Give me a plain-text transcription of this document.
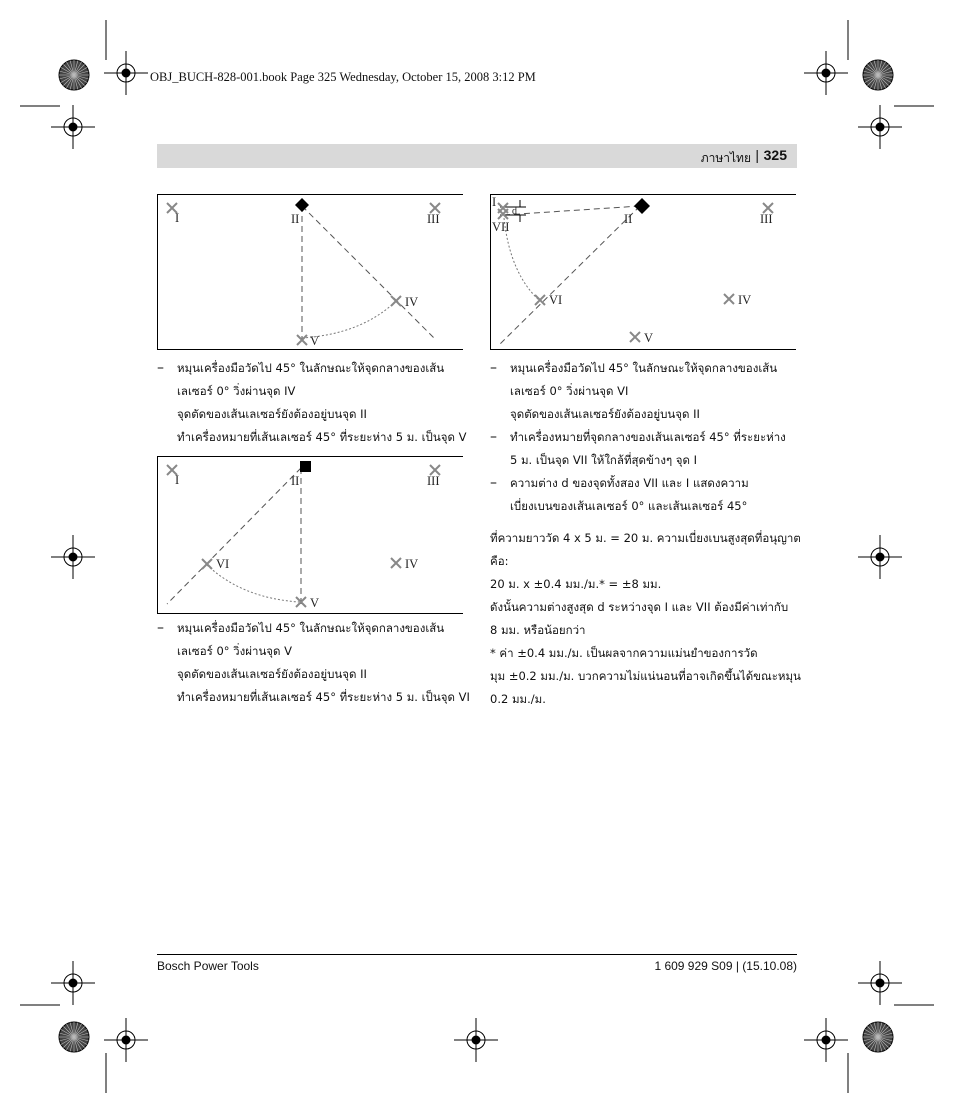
OBJ_BUCH-828-001.book Page 325 Wednesday, October 15, 2008 3:12 PM
ภาษาไทย | 325
I	II	III
IV
V
– หมุนเครื่องมือวัดไป 45° ในลักษณะให้จุดกลางของเส้น
เลเซอร์ 0° วิ่งผ่านจุด IV
จุดตัดของเส้นเลเซอร์ยังต้องอยู่บนจุด II
ทำเครื่องหมายที่เส้นเลเซอร์ 45° ที่ระยะห่าง 5 ม. เป็นจุด V
I	II	III
IV
V
VI
– หมุนเครื่องมือวัดไป 45° ในลักษณะให้จุดกลางของเส้น
เลเซอร์ 0° วิ่งผ่านจุด V
จุดตัดของเส้นเลเซอร์ยังต้องอยู่บนจุด II
ทำเครื่องหมายที่เส้นเลเซอร์ 45° ที่ระยะห่าง 5 ม. เป็นจุด VI
d
I
II	III
IV
V
VI
VII
– หมุนเครื่องมือวัดไป 45° ในลักษณะให้จุดกลางของเส้น
เลเซอร์ 0° วิ่งผ่านจุด VI
จุดตัดของเส้นเลเซอร์ยังต้องอยู่บนจุด II
– ทำเครื่องหมายที่จุดกลางของเส้นเลเซอร์ 45° ที่ระยะห่าง
5 ม. เป็นจุด VII ให้ใกล้ที่สุดข้างๆ จุด I
– ความต่าง d ของจุดทั้งสอง VII และ I แสดงความ
เบี่ยงเบนของเส้นเลเซอร์ 0° และเส้นเลเซอร์ 45°
ที่ความยาววัด 4 x 5 ม. = 20 ม. ความเบี่ยงเบนสูงสุดที่อนุญาต
คือ:
20 ม. x ±0.4 มม./ม.* = ±8 มม.
ดังนั้นความต่างสูงสุด d ระหว่างจุด I และ VII ต้องมีค่าเท่ากับ
8 มม. หรือน้อยกว่า
* ค่า ±0.4 มม./ม. เป็นผลจากความแม่นยำของการวัด
มุม ±0.2 มม./ม. บวกความไม่แน่นอนที่อาจเกิดขึ้นได้ขณะหมุน
0.2 มม./ม.
Bosch Power Tools	1 609 929 S09 | (15.10.08)
